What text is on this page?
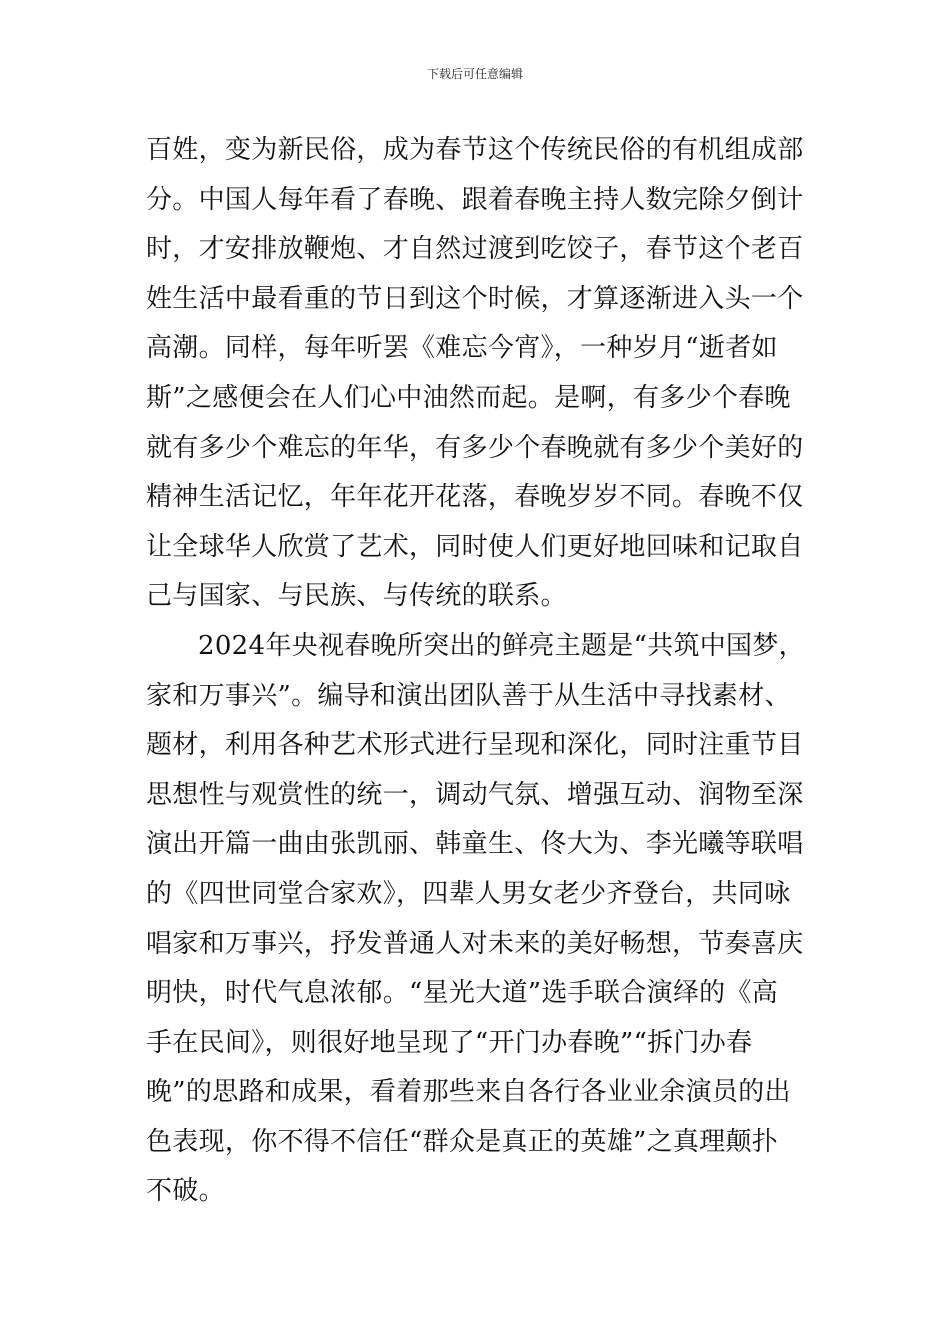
下载后可任意编辑
百姓，变为新民俗，成为春节这个传统民俗的有机组成部
分。中国人每年看了春晚、跟着春晚主持人数完除夕倒计
时，才安排放鞭炮、才自然过渡到吃饺子，春节这个老百
姓生活中最看重的节日到这个时候，才算逐渐进入头一个
高潮。同样，每年听罢《难忘今宵》，一种岁月“逝者如
斯”之感便会在人们心中油然而起。是啊，有多少个春晚
就有多少个难忘的年华，有多少个春晚就有多少个美好的
精神生活记忆，年年花开花落，春晚岁岁不同。春晚不仅
让全球华人欣赏了艺术，同时使人们更好地回味和记取自
己与国家、与民族、与传统的联系。
2024年央视春晚所突出的鲜亮主题是“共筑中国梦，
家和万事兴”。编导和演出团队善于从生活中寻找素材、
题材，利用各种艺术形式进行呈现和深化，同时注重节目
思想性与观赏性的统一，调动气氛、增强互动、润物至深
演出开篇一曲由张凯丽、韩童生、佟大为、李光曦等联唱
的《四世同堂合家欢》，四辈人男女老少齐登台，共同咏
唱家和万事兴，抒发普通人对未来的美好畅想，节奏喜庆
明快，时代气息浓郁。“星光大道”选手联合演绎的《高
手在民间》，则很好地呈现了“开门办春晚”“拆门办春
晚”的思路和成果，看着那些来自各行各业业余演员的出
色表现，你不得不信任“群众是真正的英雄”之真理颠扑
不破。
